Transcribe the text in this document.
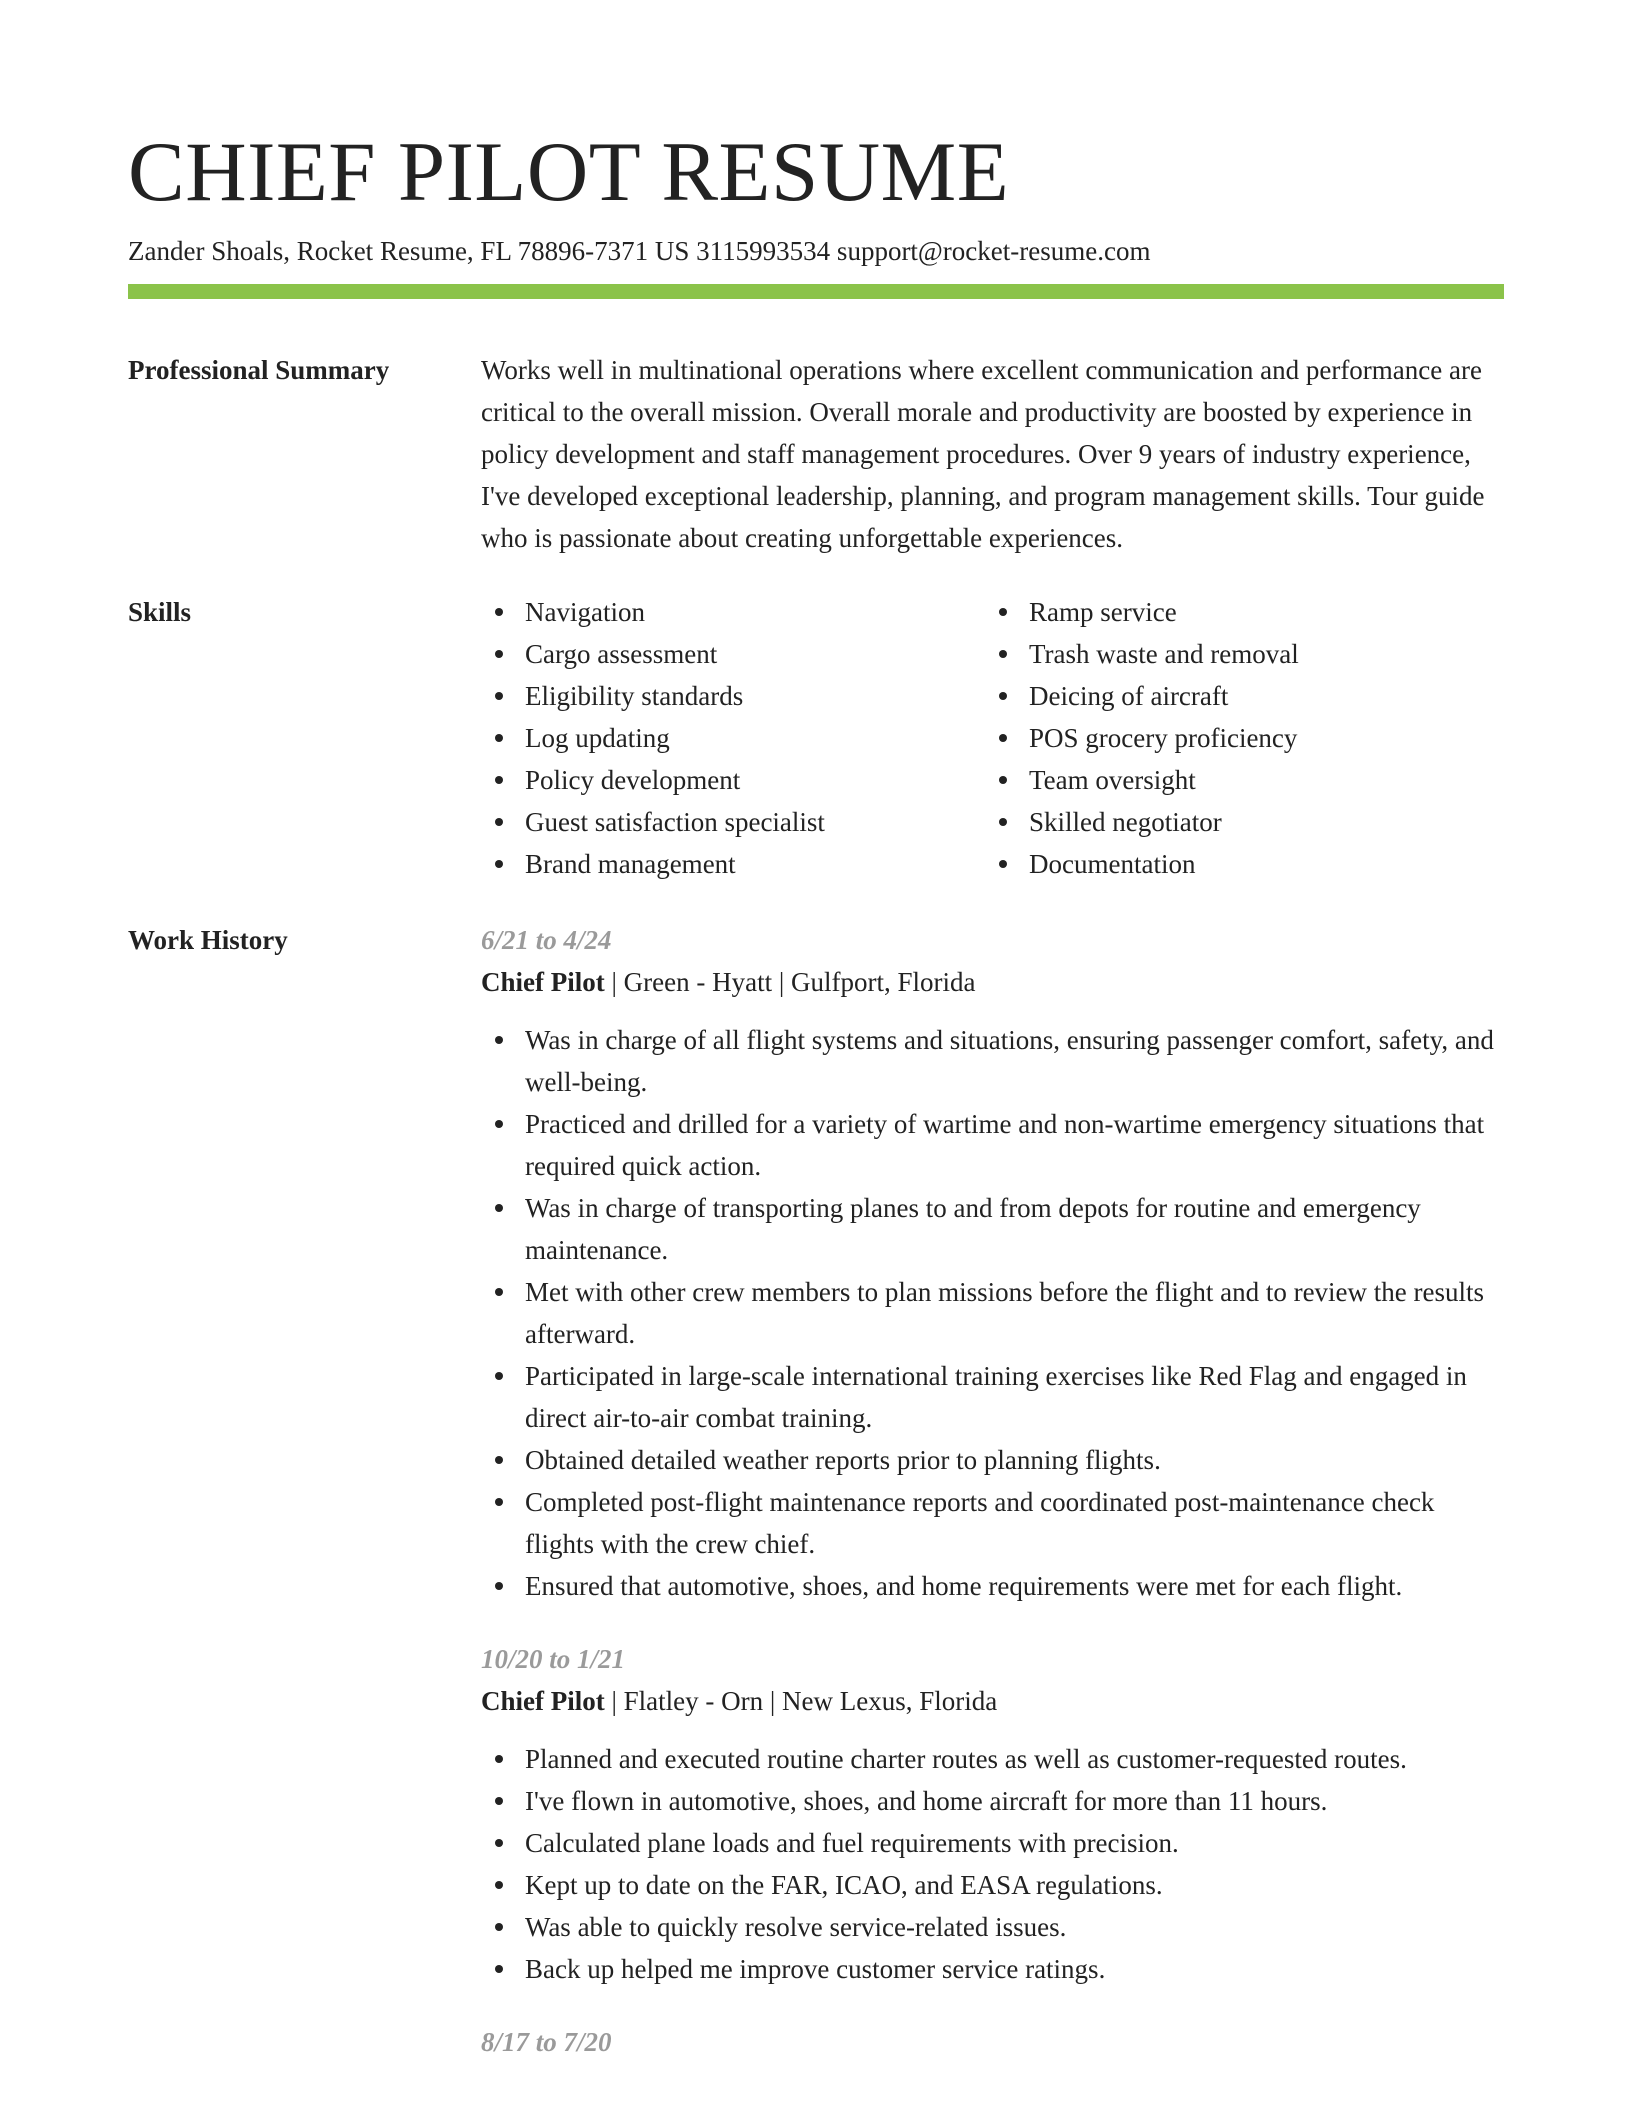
CHIEF PILOT RESUME
Zander Shoals, Rocket Resume, FL 78896-7371 US 3115993534 support@rocket-resume.com
Professional Summary	Works well in multinational operations where excellent communication and performance are critical to the overall mission. Overall morale and productivity are boosted by experience in policy development and staff management procedures. Over 9 years of industry experience, I've developed exceptional leadership, planning, and program management skills. Tour guide who is passionate about creating unforgettable experiences.
Skills	Navigation
Cargo assessment
Eligibility standards
Log updating
Policy development
Guest satisfaction specialist
Brand management
Ramp service
Trash waste and removal
Deicing of aircraft
POS grocery proficiency
Team oversight
Skilled negotiator
Documentation
Work History	6/21 to 4/24
Chief Pilot | Green - Hyatt | Gulfport, Florida
Was in charge of all flight systems and situations, ensuring passenger comfort, safety, and well-being.
Practiced and drilled for a variety of wartime and non-wartime emergency situations that required quick action.
Was in charge of transporting planes to and from depots for routine and emergency maintenance.
Met with other crew members to plan missions before the flight and to review the results afterward.
Participated in large-scale international training exercises like Red Flag and engaged in direct air-to-air combat training.
Obtained detailed weather reports prior to planning flights.
Completed post-flight maintenance reports and coordinated post-maintenance check flights with the crew chief.
Ensured that automotive, shoes, and home requirements were met for each flight.
10/20 to 1/21
Chief Pilot | Flatley - Orn | New Lexus, Florida
Planned and executed routine charter routes as well as customer-requested routes.
I've flown in automotive, shoes, and home aircraft for more than 11 hours.
Calculated plane loads and fuel requirements with precision.
Kept up to date on the FAR, ICAO, and EASA regulations.
Was able to quickly resolve service-related issues.
Back up helped me improve customer service ratings.
8/17 to 7/20
